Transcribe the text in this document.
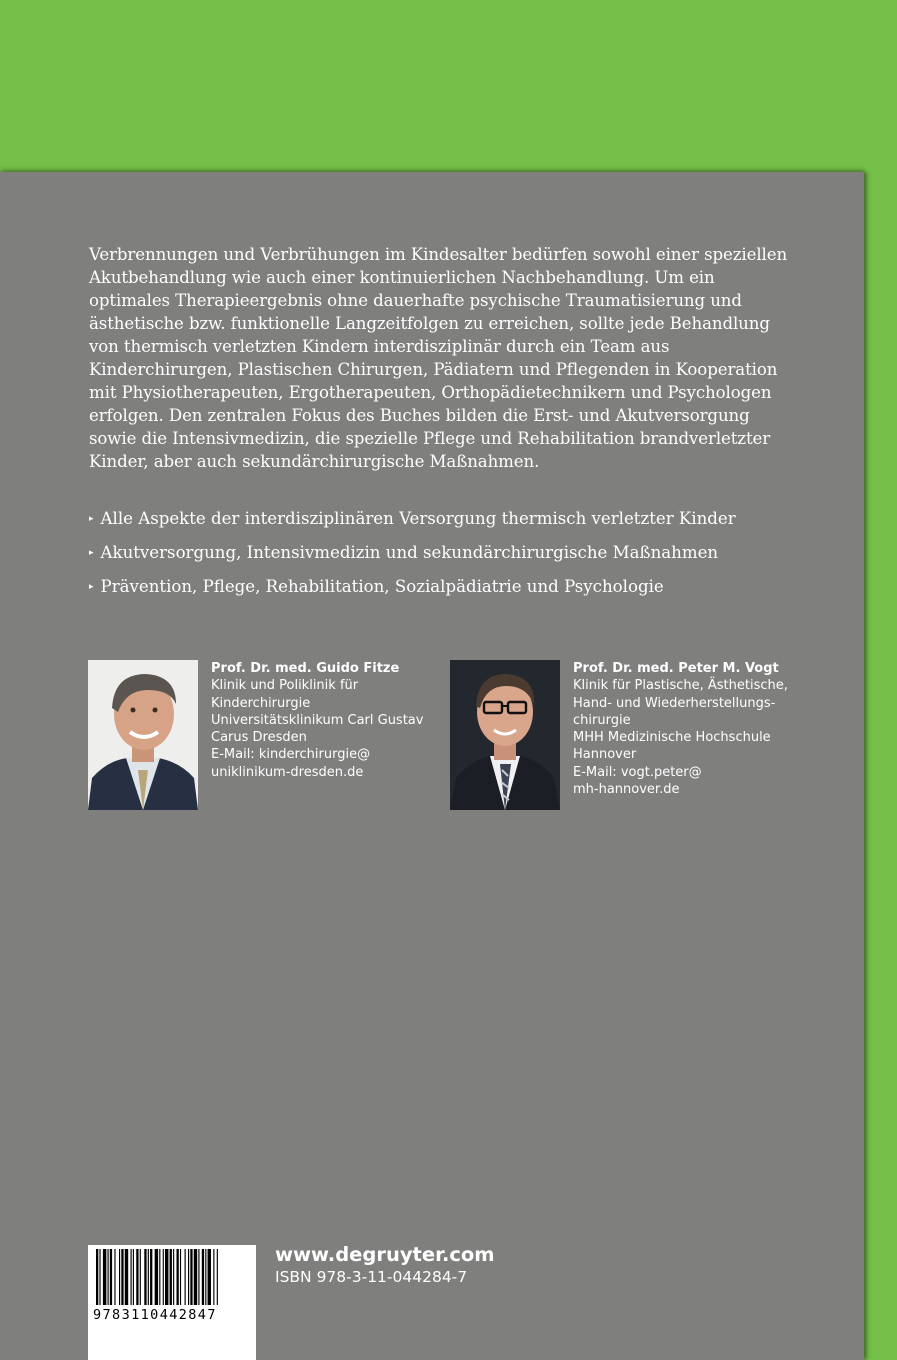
Verbrennungen und Verbrühungen im Kindesalter bedürfen sowohl einer speziellen Akutbehandlung wie auch einer kontinuierlichen Nachbehandlung. Um ein optimales Therapieergebnis ohne dauerhafte psychische Traumatisierung und ästhetische bzw. funktionelle Langzeitfolgen zu erreichen, sollte jede Behandlung von thermisch verletzten Kindern interdisziplinär durch ein Team aus Kinderchirurgen, Plastischen Chirurgen, Pädiatern und Pflegenden in Kooperation mit Physiotherapeuten, Ergotherapeuten, Orthopädietechnikern und Psychologen erfolgen. Den zentralen Fokus des Buches bilden die Erst- und Akutversorgung sowie die Intensivmedizin, die spezielle Pflege und Rehabilitation brandverletzter Kinder, aber auch sekundärchirurgische Maßnahmen.

▸ Alle Aspekte der interdisziplinären Versorgung thermisch verletzter Kinder
▸ Akutversorgung, Intensivmedizin und sekundärchirurgische Maßnahmen
▸ Prävention, Pflege, Rehabilitation, Sozialpädiatrie und Psychologie
Prof. Dr. med. Guido Fitze
Klinik und Poliklinik für
Kinderchirurgie
Universitätsklinikum Carl Gustav
Carus Dresden
E-Mail: kinderchirurgie@
uniklinikum-dresden.de
Prof. Dr. med. Peter M. Vogt
Klinik für Plastische, Ästhetische,
Hand- und Wiederherstellungs-
chirurgie
MHH Medizinische Hochschule
Hannover
E-Mail: vogt.peter@
mh-hannover.de
9783110442847
www.degruyter.com
ISBN 978-3-11-044284-7
